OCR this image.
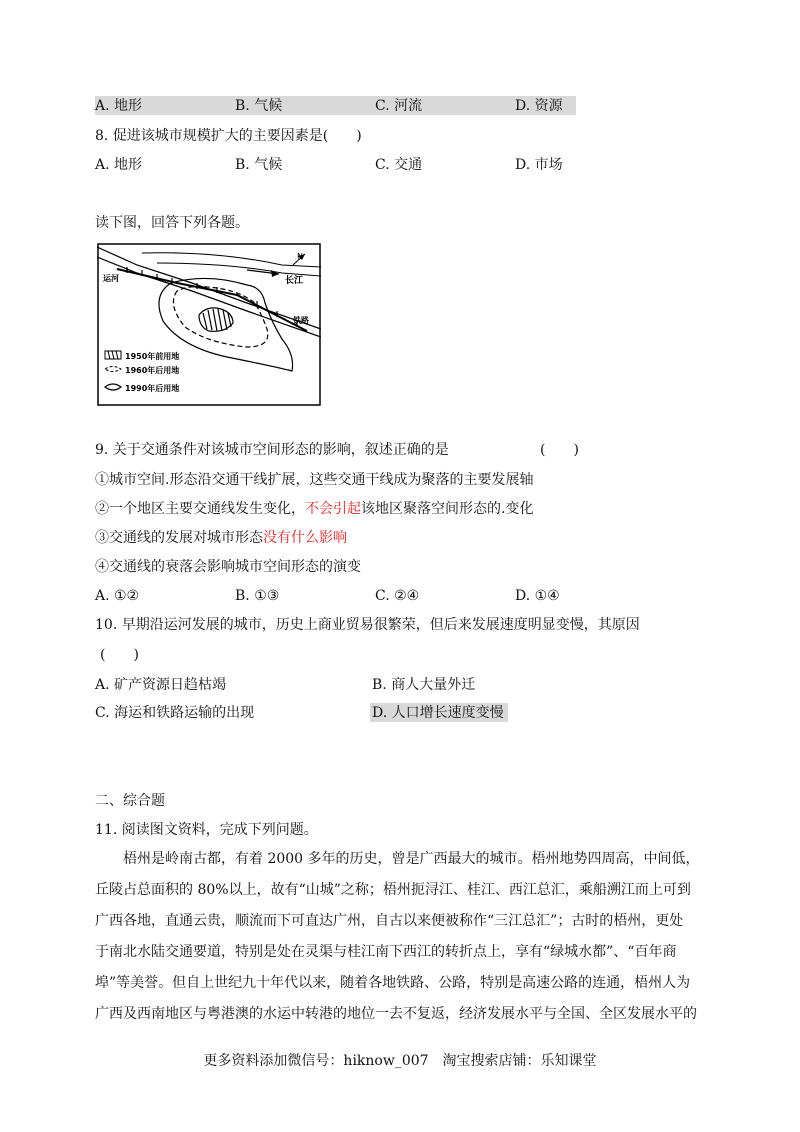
A. 地形	B. 气候	C. 河流	D. 资源
8. 促进该城市规模扩大的主要因素是(　　)
A. 地形	B. 气候	C. 交通	D. 市场
读下图，回答下列各题。
N
运河	长江
铁路
1950年前用地
1960年后用地
1990年后用地
9. 关于交通条件对该城市空间形态的影响，叙述正确的是	(　　)
①城市空间.形态沿交通干线扩展，这些交通干线成为聚落的主要发展轴
②一个地区主要交通线发生变化，不会引起该地区聚落空间形态的.变化
③交通线的发展对城市形态没有什么影响
④交通线的衰落会影响城市空间形态的演变
A. ①②	B. ①③	C. ②④	D. ①④
10. 早期沿运河发展的城市，历史上商业贸易很繁荣，但后来发展速度明显变慢，其原因
(　　)
A. 矿产资源日趋枯竭	B. 商人大量外迁
C. 海运和铁路运输的出现	D. 人口增长速度变慢
二、综合题
11. 阅读图文资料，完成下列问题。

　　梧州是岭南古都，有着 2000 多年的历史，曾是广西最大的城市。梧州地势四周高，中间低，

丘陵占总面积的 80%以上，故有“山城”之称；梧州扼浔江、桂江、西江总汇，乘船溯江而上可到

广西各地，直通云贵，顺流而下可直达广州，自古以来便被称作“三江总汇”；古时的梧州，更处

于南北水陆交通要道，特别是处在灵渠与桂江南下西江的转折点上，享有“绿城水都”、“百年商

埠”等美誉。但自上世纪九十年代以来，随着各地铁路、公路，特别是高速公路的连通，梧州人为

广西及西南地区与粤港澳的水运中转港的地位一去不复返，经济发展水平与全国、全区发展水平的

更多资料添加微信号：hiknow_007　淘宝搜索店铺：乐知课堂
